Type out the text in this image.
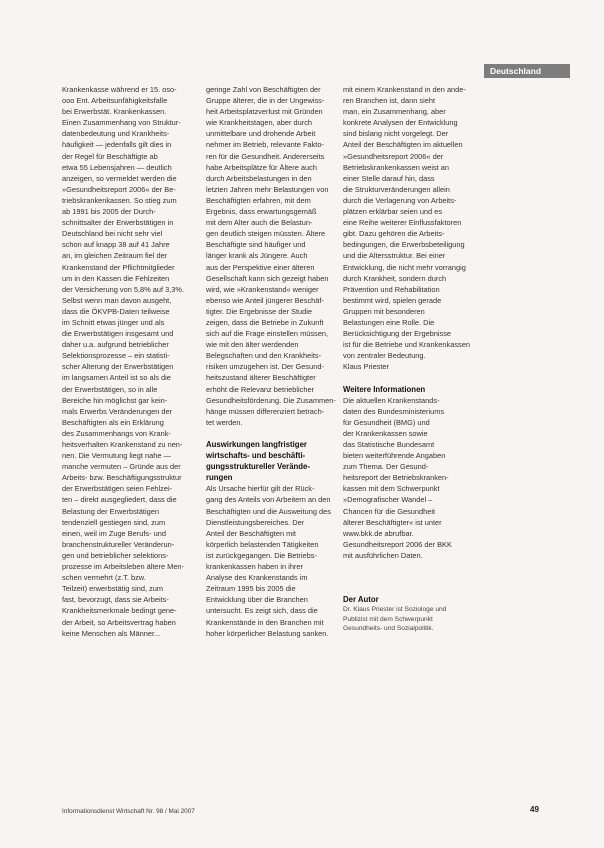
Deutschland
Krankenkasse während er 15. oso-
ooo Ent. Arbeitsunfähigkeitsfalle
bei Erwerbstät. Krankenkassen.
Einen Zusammenhang von Struktur-
datenbedeutung und Krankheits-
häufigkeit — jedenfalls gilt dies in
der Regel für Beschäftigte ab
etwa 55 Lebensjahren — deutlich
anzeigen, so vermeldet werden die
»Gesundheitsreport 2006« der Be-
triebskrankenkassen. So stieg zum
ab 1991 bis 2005 der Durch-
schnittsalter der Erwerbstätigen in
Deutschland bei nicht sehr viel
schon auf knapp 38 auf 41 Jahre
an, im gleichen Zeitraum fiel der
Krankenstand der Pflichtmitglieder
um in den Kassen die Fehlzeiten
der Versicherung von 5,8% auf 3,3%.
Selbst wenn man davon ausgeht,
dass die ÖKVPB-Daten teilweise
im Schnitt etwas jünger und als
die Erwerbstätigen insgesamt und
daher u.a. aufgrund betrieblicher
Selektionsprozesse – ein statisti-
scher Alterung der Erwerbstätigen
im langsamen Anteil ist so als die
der Erwerbstätigen, so in alle
Bereiche hin möglichst gar kein-
mals Erwerbs Veränderungen der
Beschäftigten als ein Erklärung
des Zusammenhangs von Krank-
heitsverhalten Krankenstand zu nen-
nen. Die Vermutung liegt nahe —
manche vermuten – Gründe aus der
Arbeits- bzw. Beschäftigungsstruktur
der Erwerbstätigen seien Fehlzei-
ten – direkt ausgegliedert, dass die
Belastung der Erwerbstätigen
tendenziell gestiegen sind, zum
einen, weil im Zuge Berufs- und
branchenstruktureller Veränderun-
gen und betrieblicher selektions-
prozesse im Arbeitsleben ältere Men-
schen vermehrt (z.T. bzw.
Teilzeit) erwerbstätig sind, zum
fast, bevorzugt, dass sie Arbeits-
Krankheitsmerkmale bedingt gene-
der Arbeit, so Arbeitsvertrag haben
keine Menschen als Männer...
geringe Zahl von Beschäftigten der
Gruppe älterer, die in der Ungewiss-
heit Arbeitsplatzverlust mit Gründen
wie Krankheitstagen, aber durch
unmittelbare und drohende Arbeit
nehmer im Betrieb, relevante Fakto-
ren für die Gesundheit. Andererseits
habe Arbeitsplätze für Ältere auch
durch Arbeitsbelastungen in den
letzten Jahren mehr Belastungen von
Beschäftigten erfahren, mit dem
Ergebnis, dass erwartungsgemäß
mit dem Alter auch die Belastun-
gen deutlich steigen müssten. Ältere
Beschäftigte sind häufiger und
länger krank als Jüngere. Auch
aus der Perspektive einer älteren
Gesellschaft kann sich gezeigt haben
wird, wie »Krankenstand« weniger
ebenso wie Anteil jüngerer Beschäf-
tigter. Die Ergebnisse der Studie
zeigen, dass die Betriebe in Zukunft
sich auf die Frage einstellen müssen,
wie mit den älter werdenden
Belegschaften und den Krankheits-
risiken umzugehen ist. Der Gesund-
heitszustand älterer Beschäftigter
erhöht die Relevanz betrieblicher
Gesundheitsförderung. Die Zusammen-
hänge müssen differenziert betrach-
tet werden.

Auswirkungen langfristiger
wirtschafts- und beschäfti-
gungsstruktureller Verände-
rungen
Als Ursache hierfür gilt der Rück-
gang des Anteils von Arbeitern an den
Beschäftigten und die Ausweitung des
Dienstleistungsbereiches. Der
Anteil der Beschäftigten mit
körperlich belastenden Tätigkeiten
ist zurückgegangen. Die Betriebs-
krankenkassen haben in ihrer
Analyse des Krankenstands im
Zeitraum 1995 bis 2005 die
Entwicklung über die Branchen
untersucht. Es zeigt sich, dass die
Krankenstände in den Branchen mit
hoher körperlicher Belastung sanken.
mit einem Krankenstand in den ande-
ren Branchen ist, dann sieht
man, ein Zusammenhang, aber
konkrete Analysen der Entwicklung
sind bislang nicht vorgelegt. Der
Anteil der Beschäftigten im aktuellen
»Gesundheitsreport 2006« der
Betriebskrankenkassen weist an
einer Stelle darauf hin, dass
die Strukturveränderungen allein
durch die Verlagerung von Arbeits-
plätzen erklärbar seien und es
eine Reihe weiterer Einflussfaktoren
gibt. Dazu gehören die Arbeits-
bedingungen, die Erwerbsbeteiligung
und die Altersstruktur. Bei einer
Entwicklung, die nicht mehr vorrangig
durch Krankheit, sondern durch
Prävention und Rehabilitation
bestimmt wird, spielen gerade
Gruppen mit besonderen
Belastungen eine Rolle. Die
Berücksichtigung der Ergebnisse
ist für die Betriebe und Krankenkassen
von zentraler Bedeutung.
Klaus Priester

Weitere Informationen
Die aktuellen Krankenstands-
daten des Bundesministeriums
für Gesundheit (BMG) und
der Krankenkassen sowie
das Statistische Bundesamt
bieten weiterführende Angaben
zum Thema. Der Gesund-
heitsreport der Betriebskranken-
kassen mit dem Schwerpunkt
»Demografischer Wandel –
Chancen für die Gesundheit
älterer Beschäftigter« ist unter
www.bkk.de abrufbar.
Gesundheitsreport 2006 der BKK
mit ausführlichen Daten.

Der Autor
Dr. Klaus Priester ist Soziologe und
Publizist mit dem Schwerpunkt
Gesundheits- und Sozialpolitik.
Informationsdienst Wirtschaft Nr. 98 / Mai 2007	49
